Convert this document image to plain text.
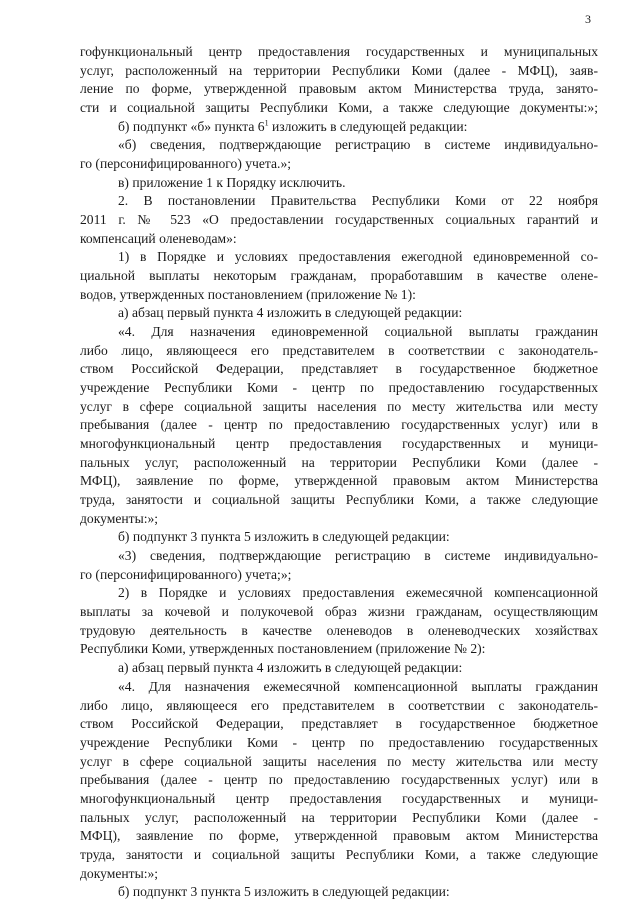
3
гофункциональный центр предоставления государственных и муниципальных
услуг, расположенный на территории Республики Коми (далее - МФЦ), заяв-
ление по форме, утвержденной правовым актом Министерства труда, занято-
сти и социальной защиты Республики Коми, а также следующие документы:»;
б) подпункт «б» пункта $6^1$ изложить в следующей редакции:
«б) сведения, подтверждающие регистрацию в системе индивидуально-
го (персонифицированного) учета.»;
в) приложение 1 к Порядку исключить.
2. В постановлении Правительства Республики Коми от 22 ноября
2011 г. № 523 «О предоставлении государственных социальных гарантий и
компенсаций оленеводам»:
1) в Порядке и условиях предоставления ежегодной единовременной со-
циальной выплаты некоторым гражданам, проработавшим в качестве олене-
водов, утвержденных постановлением (приложение № 1):
а) абзац первый пункта 4 изложить в следующей редакции:
«4. Для назначения единовременной социальной выплаты гражданин
либо лицо, являющееся его представителем в соответствии с законодатель-
ством Российской Федерации, представляет в государственное бюджетное
учреждение Республики Коми - центр по предоставлению государственных
услуг в сфере социальной защиты населения по месту жительства или месту
пребывания (далее - центр по предоставлению государственных услуг) или в
многофункциональный центр предоставления государственных и муници-
пальных услуг, расположенный на территории Республики Коми (далее -
МФЦ), заявление по форме, утвержденной правовым актом Министерства
труда, занятости и социальной защиты Республики Коми, а также следующие
документы:»;
б) подпункт 3 пункта 5 изложить в следующей редакции:
«3) сведения, подтверждающие регистрацию в системе индивидуально-
го (персонифицированного) учета;»;
2) в Порядке и условиях предоставления ежемесячной компенсационной
выплаты за кочевой и полукочевой образ жизни гражданам, осуществляющим
трудовую деятельность в качестве оленеводов в оленеводческих хозяйствах
Республики Коми, утвержденных постановлением (приложение № 2):
а) абзац первый пункта 4 изложить в следующей редакции:
«4. Для назначения ежемесячной компенсационной выплаты гражданин
либо лицо, являющееся его представителем в соответствии с законодатель-
ством Российской Федерации, представляет в государственное бюджетное
учреждение Республики Коми - центр по предоставлению государственных
услуг в сфере социальной защиты населения по месту жительства или месту
пребывания (далее - центр по предоставлению государственных услуг) или в
многофункциональный центр предоставления государственных и муници-
пальных услуг, расположенный на территории Республики Коми (далее -
МФЦ), заявление по форме, утвержденной правовым актом Министерства
труда, занятости и социальной защиты Республики Коми, а также следующие
документы:»;
б) подпункт 3 пункта 5 изложить в следующей редакции:
